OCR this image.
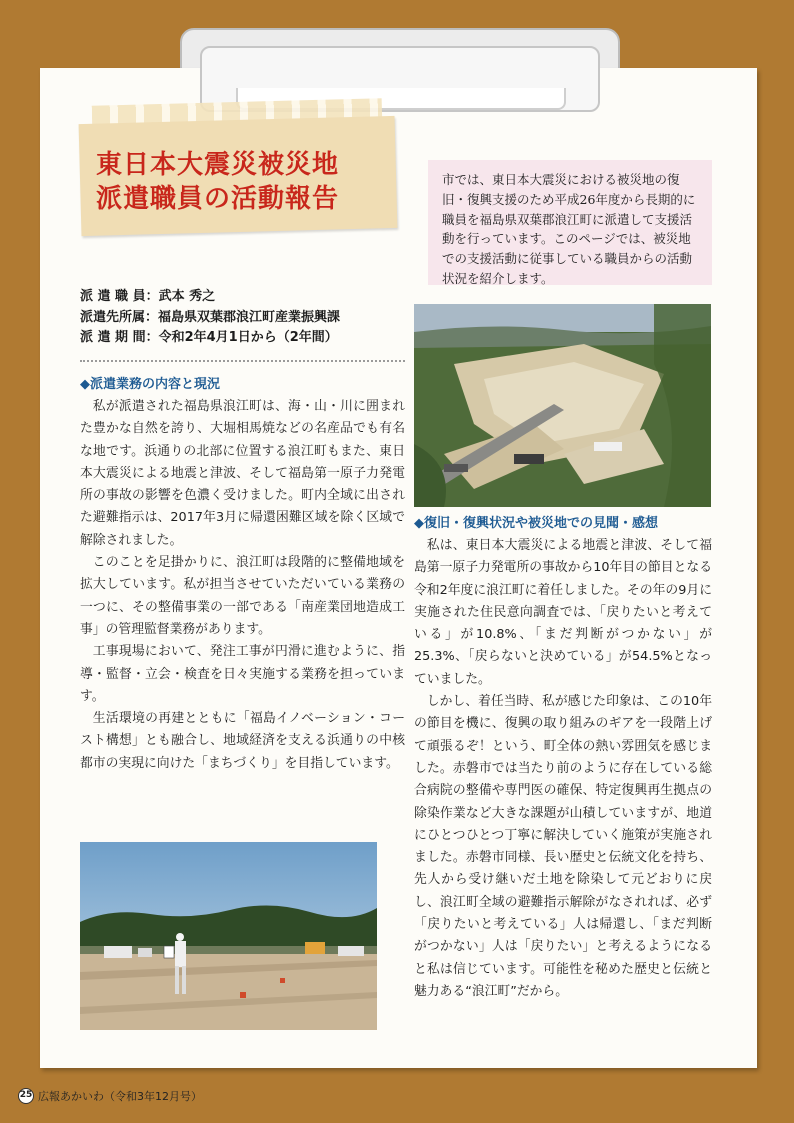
東日本大震災被災地
派遣職員の活動報告
市では、東日本大震災における被災地の復旧・復興支援のため平成26年度から長期的に職員を福島県双葉郡浪江町に派遣して支援活動を行っています。このページでは、被災地での支援活動に従事している職員からの活動状況を紹介します。
派 遣 職 員：武本 秀之
派遣先所属：福島県双葉郡浪江町産業振興課
派 遣 期 間：令和2年4月1日から（2年間）
◆派遣業務の内容と現況

私が派遣された福島県浪江町は、海・山・川に囲まれた豊かな自然を誇り、大堀相馬焼などの名産品でも有名な地です。浜通りの北部に位置する浪江町もまた、東日本大震災による地震と津波、そして福島第一原子力発電所の事故の影響を色濃く受けました。町内全域に出された避難指示は、2017年3月に帰還困難区域を除く区域で解除されました。

このことを足掛かりに、浪江町は段階的に整備地域を拡大しています。私が担当させていただいている業務の一つに、その整備事業の一部である「南産業団地造成工事」の管理監督業務があります。

工事現場において、発注工事が円滑に進むように、指導・監督・立会・検査を日々実施する業務を担っています。

生活環境の再建とともに「福島イノベーション・コースト構想」とも融合し、地域経済を支える浜通りの中核都市の実現に向けた「まちづくり」を目指しています。

◆復旧・復興状況や被災地での見聞・感想

私は、東日本大震災による地震と津波、そして福島第一原子力発電所の事故から10年目の節目となる令和2年度に浪江町に着任しました。その年の9月に実施された住民意向調査では、「戻りたいと考えている」が10.8%、「まだ判断がつかない」が25.3%、「戻らないと決めている」が54.5%となっていました。

しかし、着任当時、私が感じた印象は、この10年の節目を機に、復興の取り組みのギアを一段階上げて頑張るぞ！という、町全体の熱い雰囲気を感じました。赤磐市では当たり前のように存在している総合病院の整備や専門医の確保、特定復興再生拠点の除染作業など大きな課題が山積していますが、地道にひとつひとつ丁寧に解決していく施策が実施されました。赤磐市同様、長い歴史と伝統文化を持ち、先人から受け継いだ土地を除染して元どおりに戻し、浪江町全域の避難指示解除がなされれば、必ず「戻りたいと考えている」人は帰還し、「まだ判断がつかない」人は「戻りたい」と考えるようになると私は信じています。可能性を秘めた歴史と伝統と魅力ある“浪江町”だから。

25 広報あかいわ（令和3年12月号）
